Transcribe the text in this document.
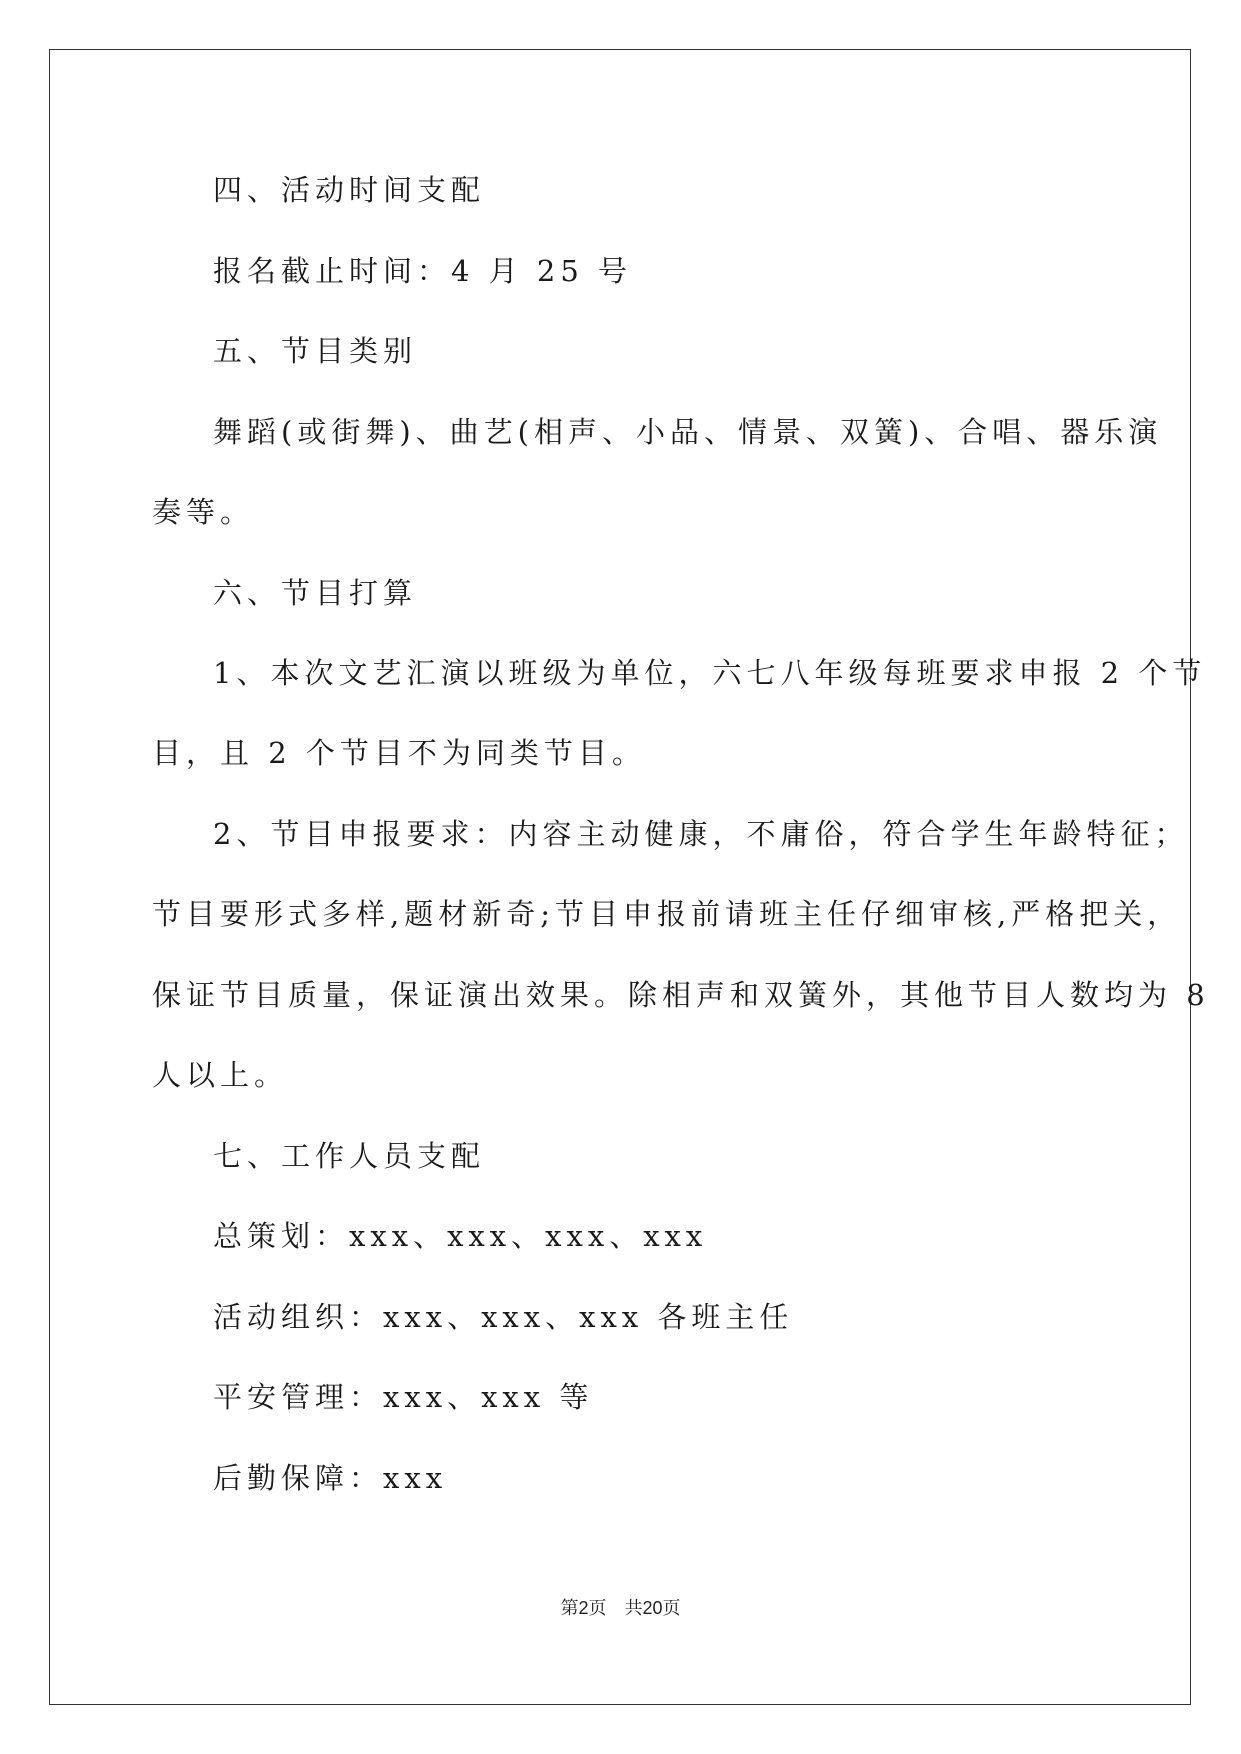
四、活动时间支配
报名截止时间：4 月 25 号
五、节目类别
舞蹈(或街舞)、曲艺(相声、小品、情景、双簧)、合唱、器乐演
奏等。
六、节目打算
1、本次文艺汇演以班级为单位，六七八年级每班要求申报 2 个节
目，且 2 个节目不为同类节目。
2、节目申报要求：内容主动健康，不庸俗，符合学生年龄特征；
节目要形式多样,题材新奇;节目申报前请班主任仔细审核,严格把关，
保证节目质量，保证演出效果。除相声和双簧外，其他节目人数均为 8
人以上。
七、工作人员支配
总策划：xxx、xxx、xxx、xxx
活动组织：xxx、xxx、xxx 各班主任
平安管理：xxx、xxx 等
后勤保障：xxx
第2页 共20页
